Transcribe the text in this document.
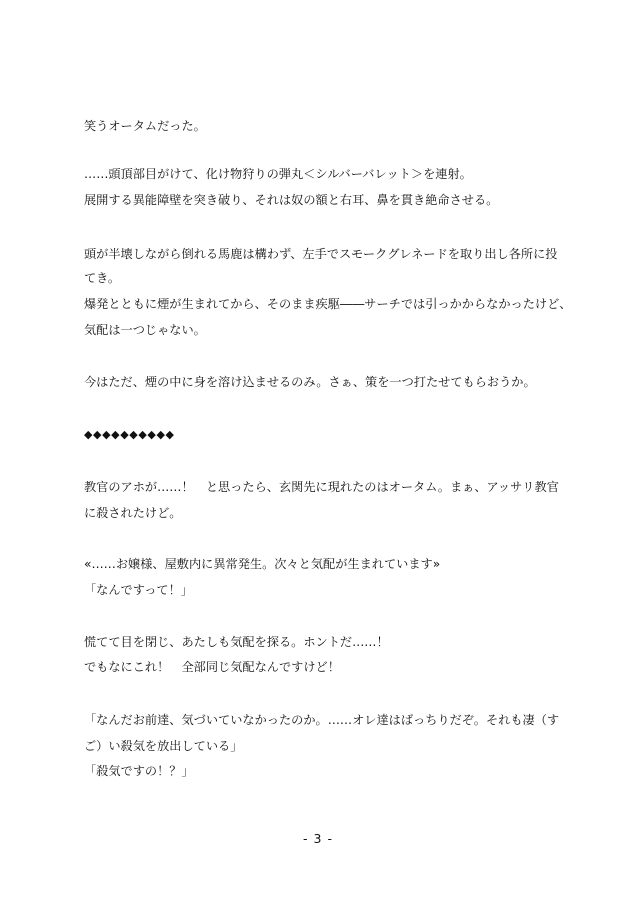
笑うオータムだった。
……頭頂部目がけて、化け物狩りの弾丸＜シルバーバレット＞を連射。
展開する異能障壁を突き破り、それは奴の額と右耳、鼻を貫き絶命させる。
頭が半壊しながら倒れる馬鹿は構わず、左手でスモークグレネードを取り出し各所に投
てき。
爆発とともに煙が生まれてから、そのまま疾駆――サーチでは引っかからなかったけど、
気配は一つじゃない。
今はただ、煙の中に身を溶け込ませるのみ。さぁ、策を一つ打たせてもらおうか。
◆◆◆◆◆◆◆◆◆◆
教官のアホが……！　と思ったら、玄関先に現れたのはオータム。まぁ、アッサリ教官
に殺されたけど。
«……お嬢様、屋敷内に異常発生。次々と気配が生まれています»
「なんですって！」
慌てて目を閉じ、あたしも気配を探る。ホントだ……！
でもなにこれ！　全部同じ気配なんですけど！
「なんだお前達、気づいていなかったのか。……オレ達はばっちりだぞ。それも凄（す
ご）い殺気を放出している」
「殺気ですの！？」
- 3 -
